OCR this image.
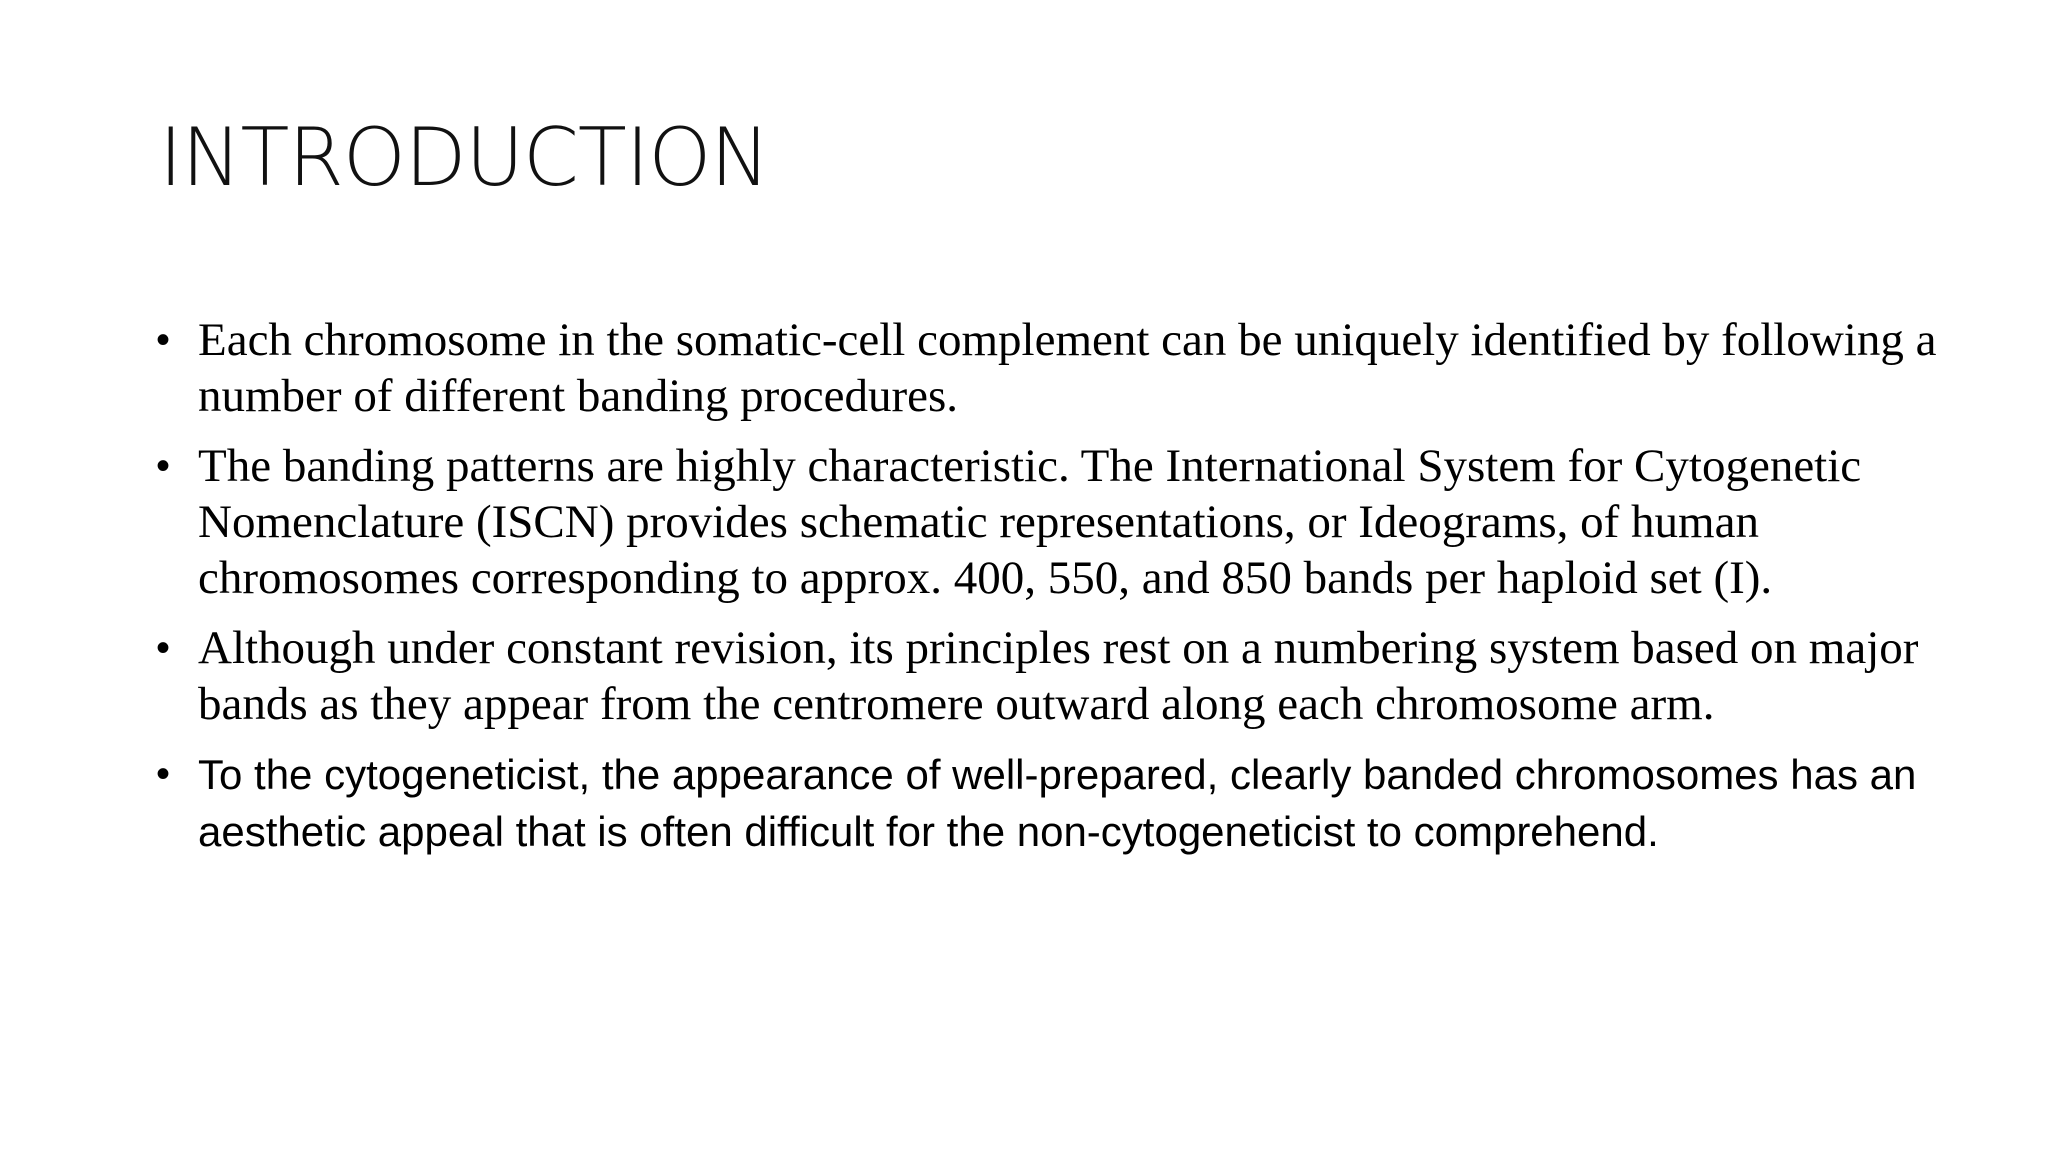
INTRODUCTION
• Each chromosome in the somatic-cell complement can be uniquely identified by following a number of different banding procedures.
• The banding patterns are highly characteristic. The International System for Cytogenetic Nomenclature (ISCN) provides schematic representations, or Ideograms, of human chromosomes corresponding to approx. 400, 550, and 850 bands per haploid set (I).
• Although under constant revision, its principles rest on a numbering system based on major bands as they appear from the centromere outward along each chromosome arm.
• To the cytogeneticist, the appearance of well-prepared, clearly banded chromosomes has an aesthetic appeal that is often difficult for the non-cytogeneticist to comprehend.
